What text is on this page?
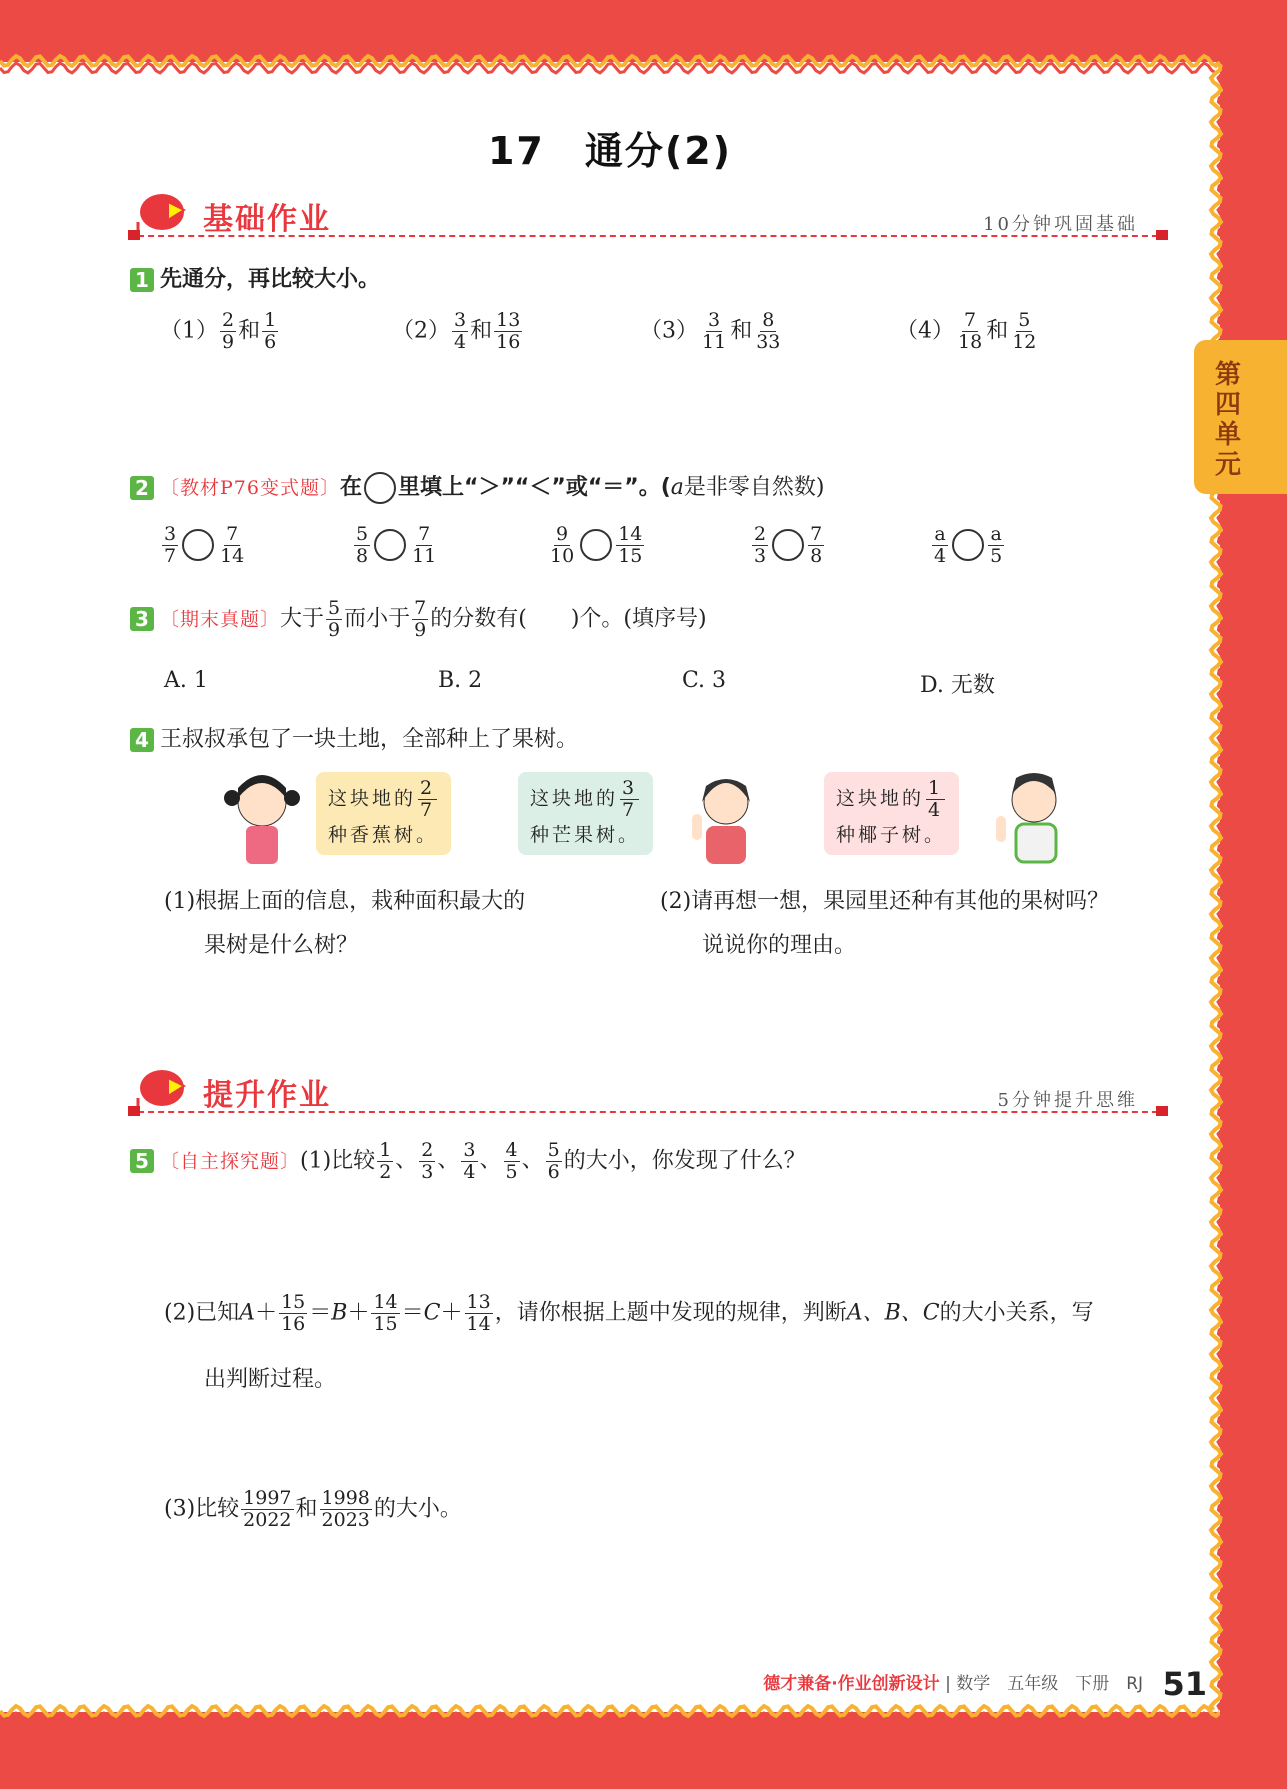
第四单元
17　通分(2)
基础作业	10分钟巩固基础
1 先通分，再比较大小。
$(1) \frac{2}{9}$ 和 $\frac{1}{6}$	$(2) \frac{3}{4}$ 和 $\frac{13}{16}$	$(3) \frac{3}{11}$ 和 $\frac{8}{33}$	$(4) \frac{7}{18}$ 和 $\frac{5}{12}$
2 〔教材P76变式题〕在 里填上“＞”“＜”或“＝”。(a是非零自然数)
$\frac{3}{7} \frac{7}{14}$	$\frac{5}{8} \frac{7}{11}$	$\frac{9}{10} \frac{14}{15}$	$\frac{2}{3} \frac{7}{8}$	$\frac{a}{4} \frac{a}{5}$
3 〔期末真题〕大于 $\frac{5}{9}$ 而小于 $\frac{7}{9}$ 的分数有(　　)个。(填序号)
A. 1	B. 2	C. 3	D. 无数
4 王叔叔承包了一块土地，全部种上了果树。
这块地的 $\frac{2}{7}$

种香蕉树。
这块地的 $\frac{3}{7}$

种芒果树。
这块地的 $\frac{1}{4}$

种椰子树。
(1)根据上面的信息，栽种面积最大的
果树是什么树？
(2)请再想一想，果园里还种有其他的果树吗？
说说你的理由。
提升作业	5分钟提升思维
5 〔自主探究题〕(1)比较 $\frac{1}{2}$ 、 $\frac{2}{3}$ 、 $\frac{3}{4}$ 、 $\frac{4}{5}$ 、 $\frac{5}{6}$ 的大小，你发现了什么？
(2)已知$A+ \frac{15}{16} =B+ \frac{14}{15} =C+ \frac{13}{14}$ ，请你根据上题中发现的规律，判断A、B、C的大小关系，写
出判断过程。
(3)比较 $\frac{1997}{2022}$ 和 $\frac{1998}{2023}$ 的大小。
德才兼备·作业创新设计 | 数学　五年级　下册　RJ 51
